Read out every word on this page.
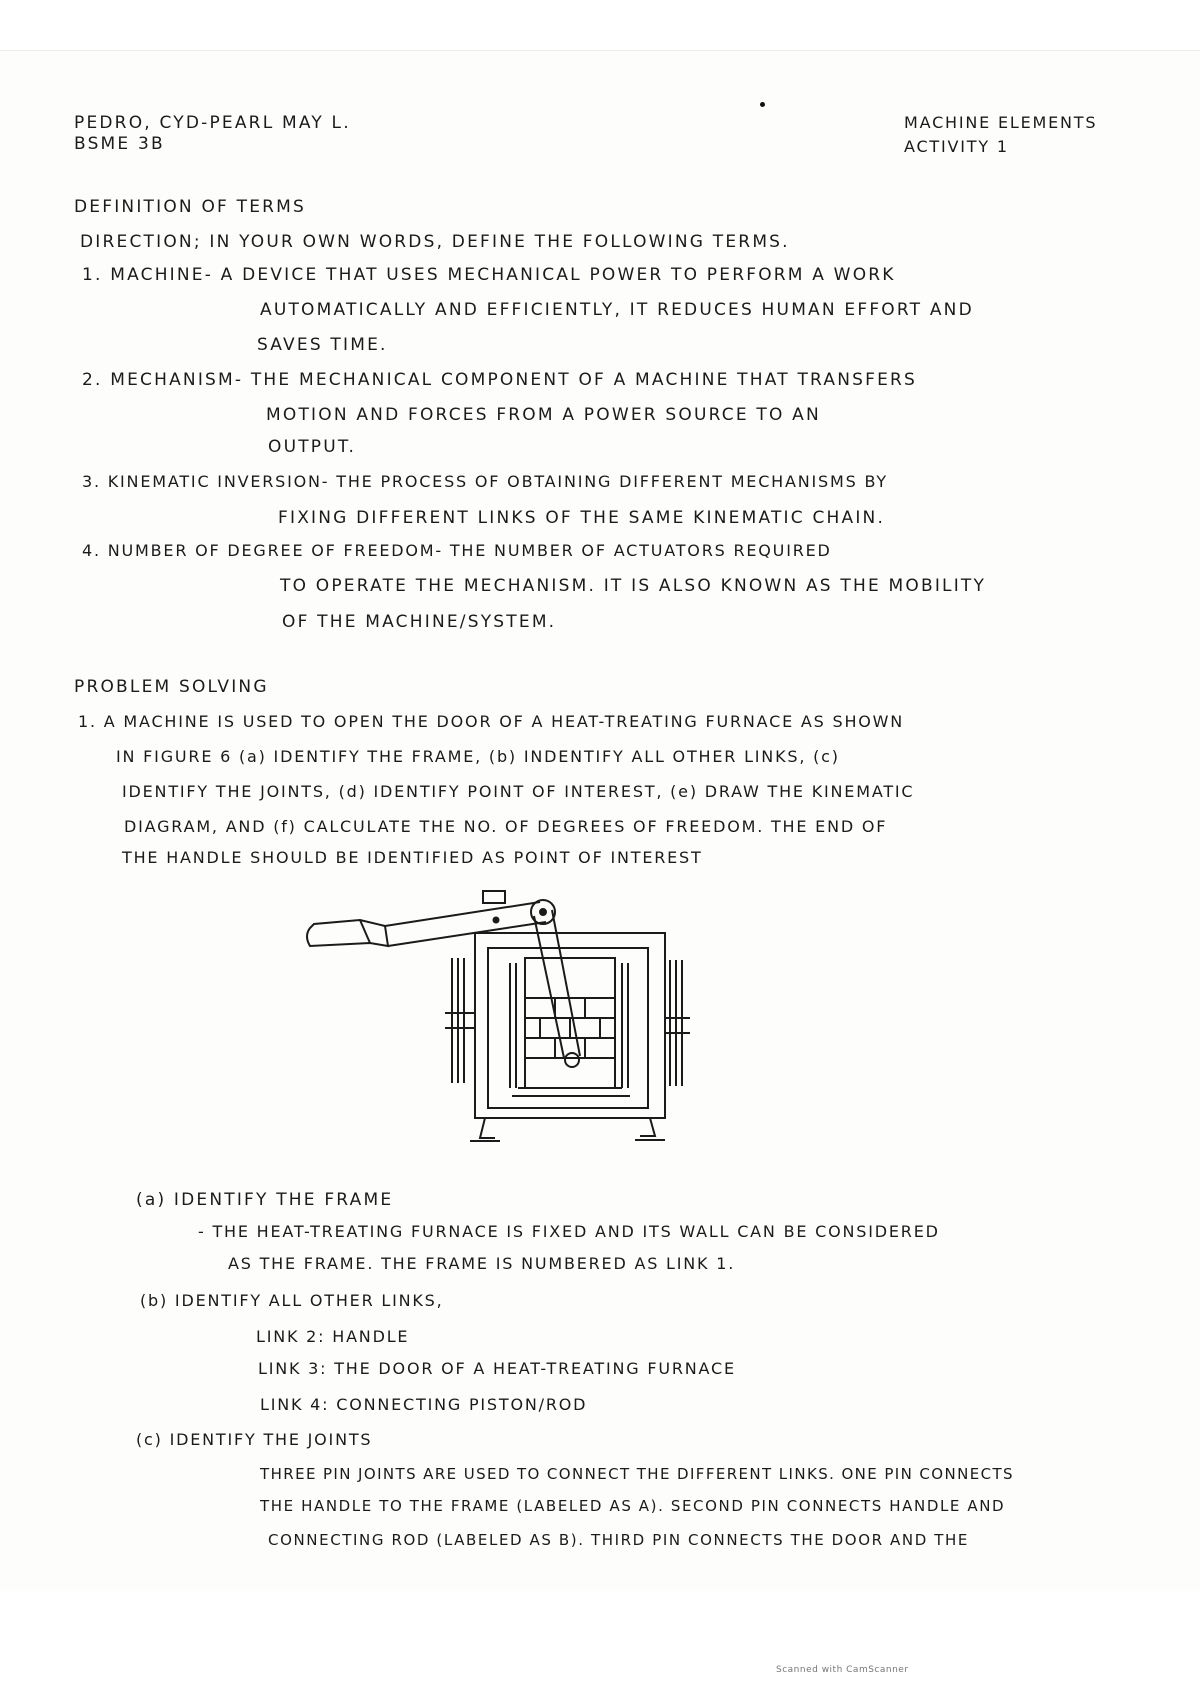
PEDRO, CYD-PEARL MAY L.
BSME 3B
MACHINE ELEMENTS
ACTIVITY 1
DEFINITION OF TERMS
DIRECTION; IN YOUR OWN WORDS, DEFINE THE FOLLOWING TERMS.
1. MACHINE- A DEVICE THAT USES MECHANICAL POWER TO PERFORM A WORK
AUTOMATICALLY AND EFFICIENTLY, IT REDUCES HUMAN EFFORT AND
SAVES TIME.
2. MECHANISM- THE MECHANICAL COMPONENT OF A MACHINE THAT TRANSFERS
MOTION AND FORCES FROM A POWER SOURCE TO AN
OUTPUT.
3. KINEMATIC INVERSION- THE PROCESS OF OBTAINING DIFFERENT MECHANISMS BY
FIXING DIFFERENT LINKS OF THE SAME KINEMATIC CHAIN.
4. NUMBER OF DEGREE OF FREEDOM- THE NUMBER OF ACTUATORS REQUIRED
TO OPERATE THE MECHANISM. IT IS ALSO KNOWN AS THE MOBILITY
OF THE MACHINE/SYSTEM.
PROBLEM SOLVING
1. A MACHINE IS USED TO OPEN THE DOOR OF A HEAT-TREATING FURNACE AS SHOWN
IN FIGURE 6 (a) IDENTIFY THE FRAME, (b) INDENTIFY ALL OTHER LINKS, (c)
IDENTIFY THE JOINTS, (d) IDENTIFY POINT OF INTEREST, (e) DRAW THE KINEMATIC
DIAGRAM, AND (f) CALCULATE THE NO. OF DEGREES OF FREEDOM. THE END OF
THE HANDLE SHOULD BE IDENTIFIED AS POINT OF INTEREST
(a) IDENTIFY THE FRAME
- THE HEAT-TREATING FURNACE IS FIXED AND ITS WALL CAN BE CONSIDERED
AS THE FRAME. THE FRAME IS NUMBERED AS LINK 1.
(b) IDENTIFY ALL OTHER LINKS,
LINK 2: HANDLE
LINK 3: THE DOOR OF A HEAT-TREATING FURNACE
LINK 4: CONNECTING PISTON/ROD
(c) IDENTIFY THE JOINTS
THREE PIN JOINTS ARE USED TO CONNECT THE DIFFERENT LINKS. ONE PIN CONNECTS
THE HANDLE TO THE FRAME (LABELED AS A). SECOND PIN CONNECTS HANDLE AND
CONNECTING ROD (LABELED AS B). THIRD PIN CONNECTS THE DOOR AND THE
Scanned with CamScanner
